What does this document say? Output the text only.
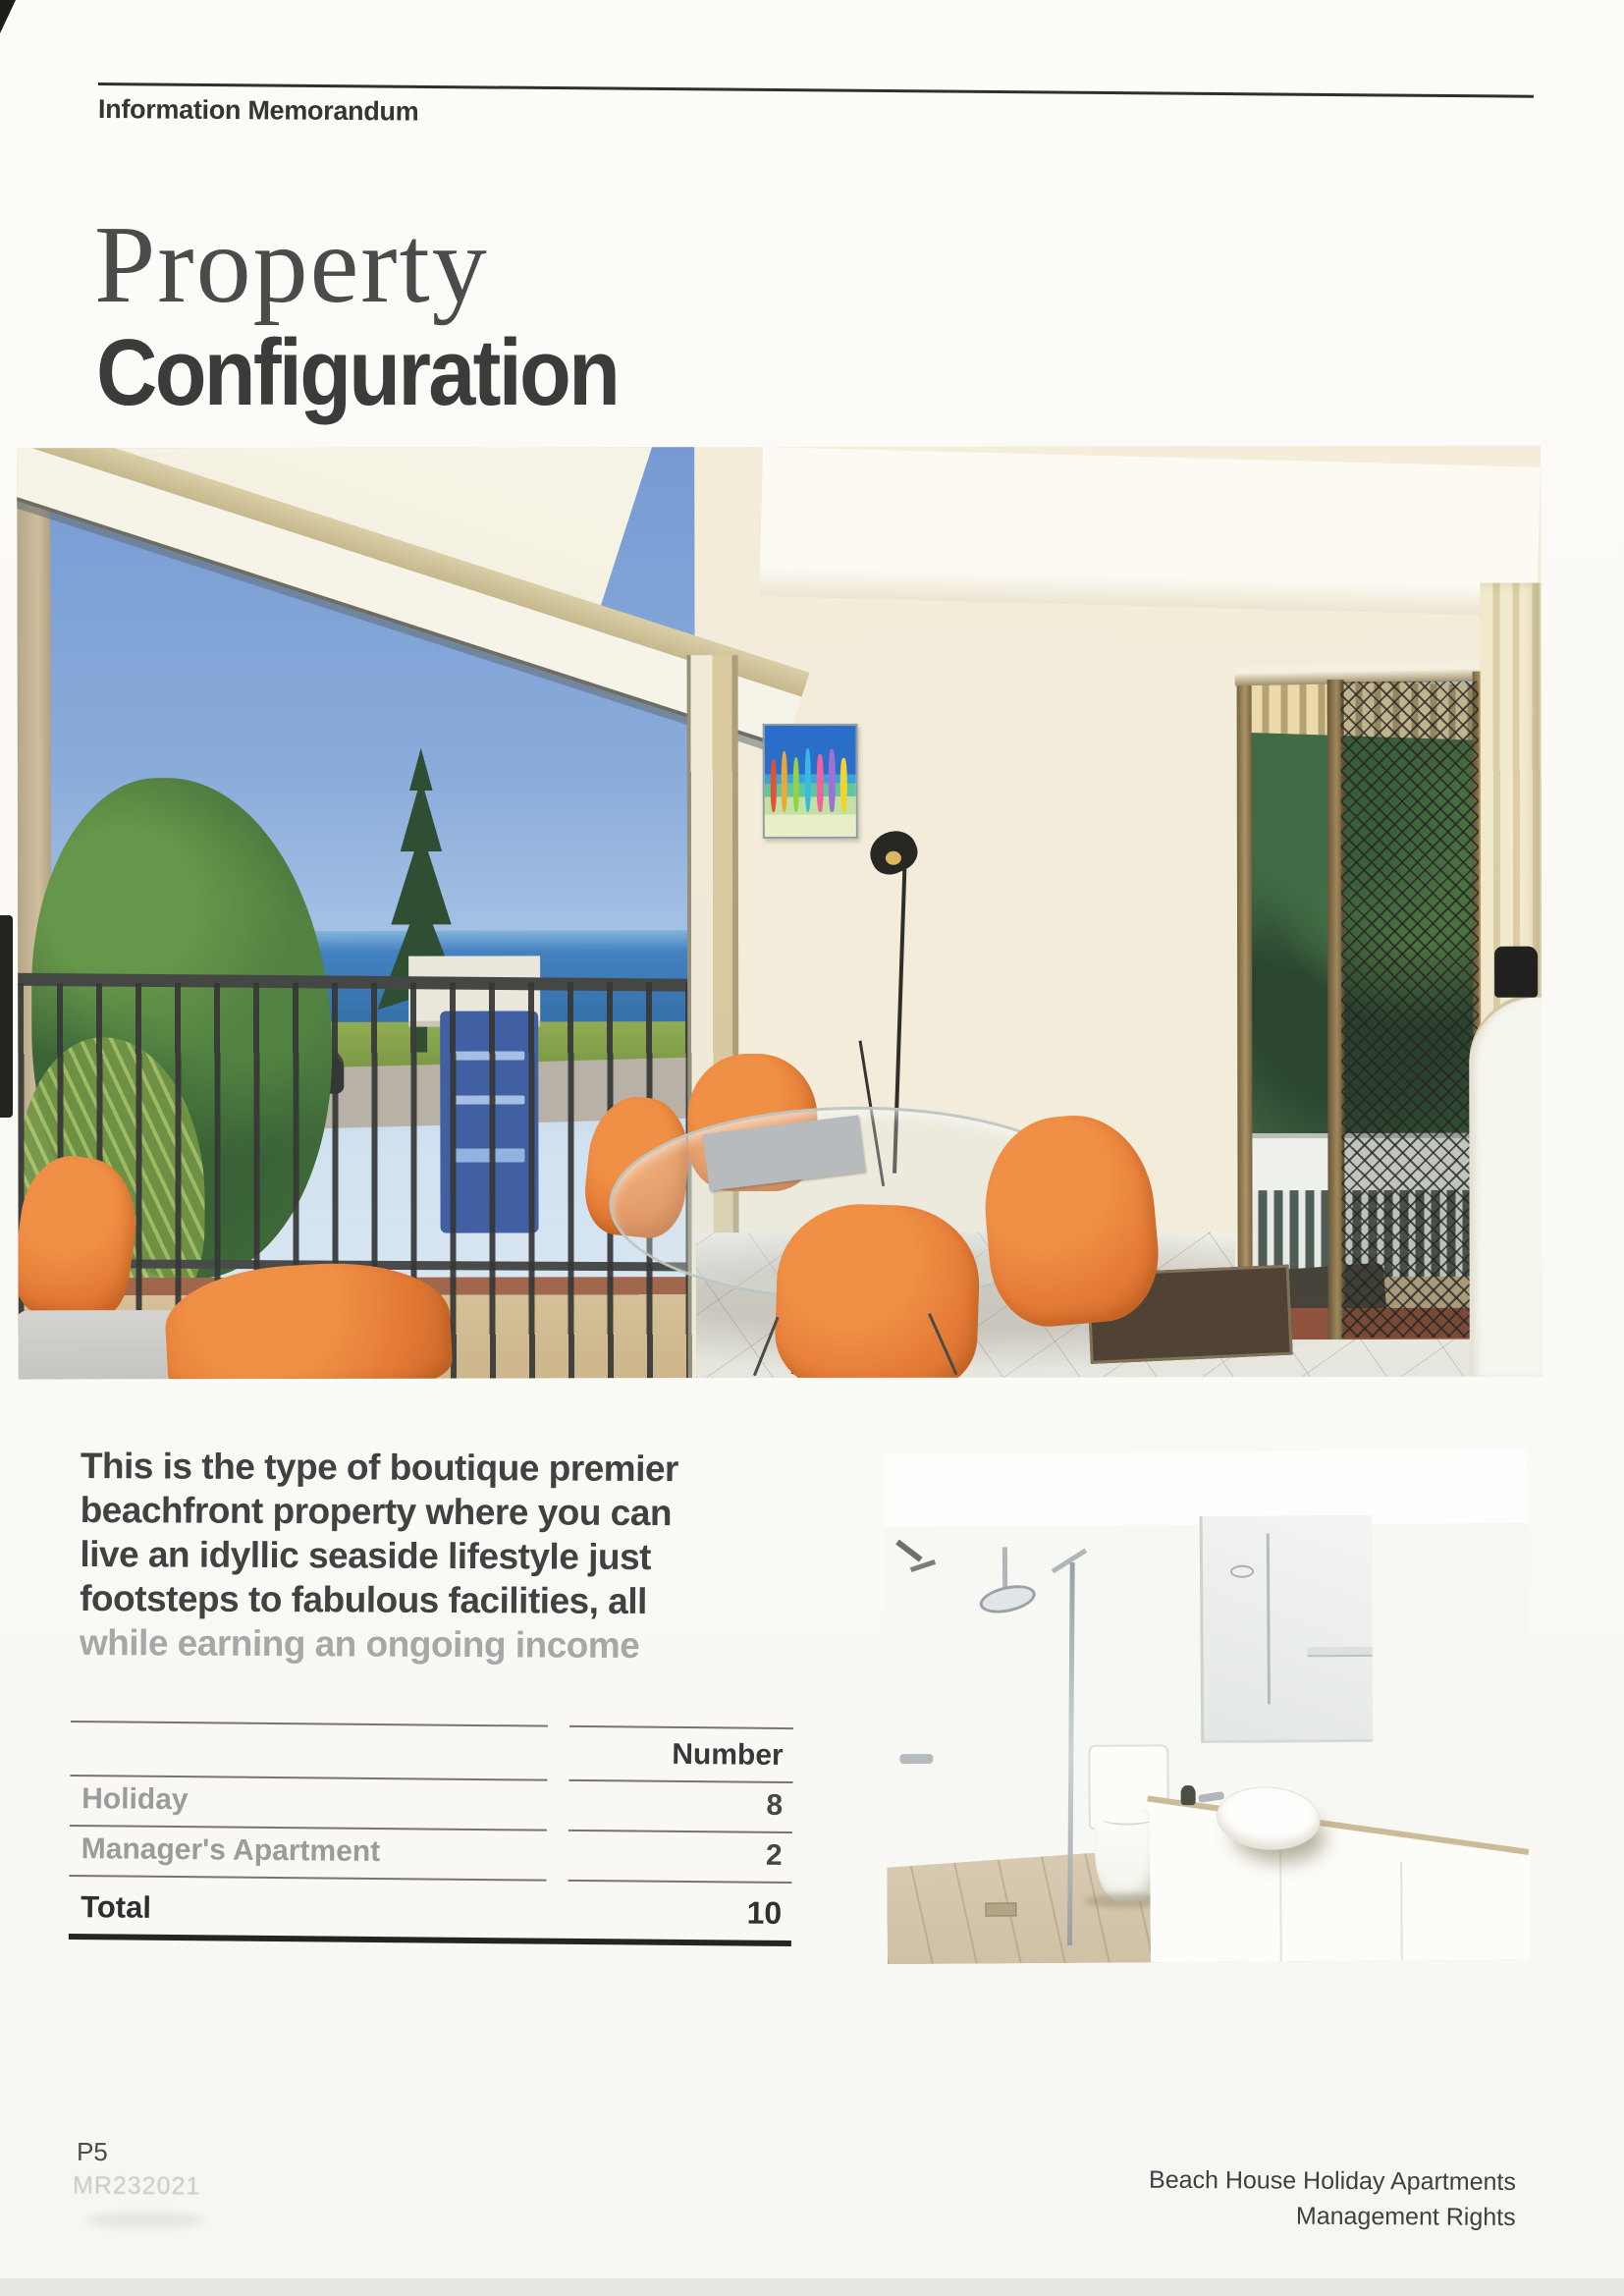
Information Memorandum
Property
Configuration
This is the type of boutique premier
beachfront property where you can
live an idyllic seaside lifestyle just
footsteps to fabulous facilities, all
while earning an ongoing income
Number
Holiday	8
Manager's Apartment	2
Total	10
P5
MR232021	Beach House Holiday Apartments
Management Rights
